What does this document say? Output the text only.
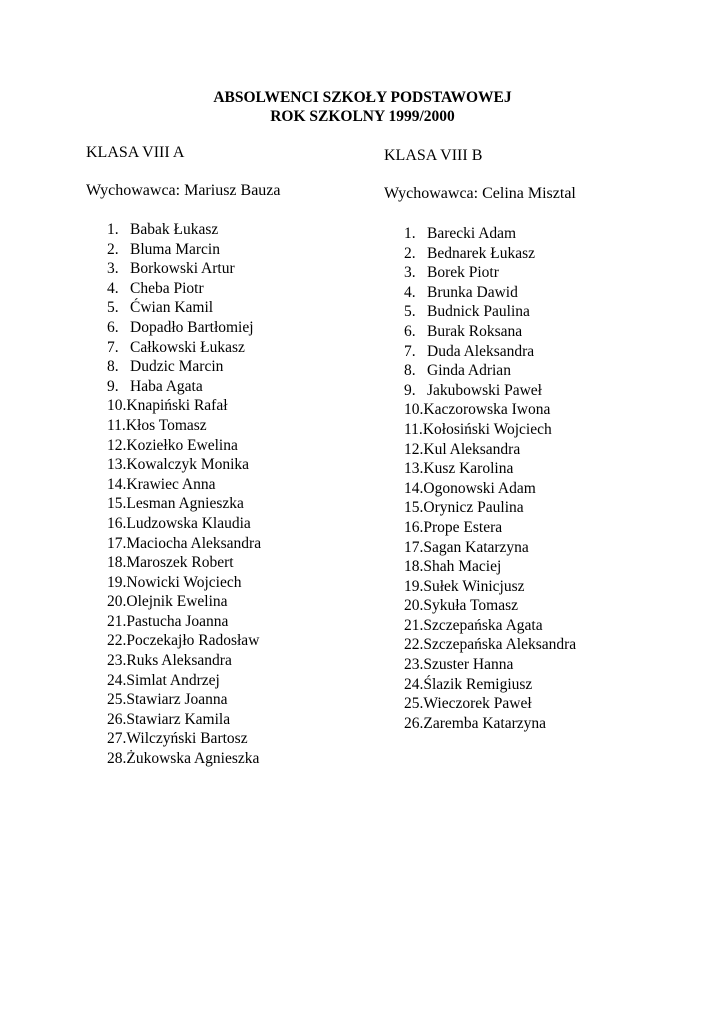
ABSOLWENCI SZKOŁY PODSTAWOWEJ
ROK SZKOLNY 1999/2000
KLASA VIII A
Wychowawca: Mariusz Bauza
1. Babak Łukasz
2. Bluma Marcin
3. Borkowski Artur
4. Cheba Piotr
5. Ćwian Kamil
6. Dopadło Bartłomiej
7. Całkowski Łukasz
8. Dudzic Marcin
9. Haba Agata
10.Knapiński Rafał
11.Kłos Tomasz
12.Koziełko Ewelina
13.Kowalczyk Monika
14.Krawiec Anna
15.Lesman Agnieszka
16.Ludzowska Klaudia
17.Maciocha Aleksandra
18.Maroszek Robert
19.Nowicki Wojciech
20.Olejnik Ewelina
21.Pastucha Joanna
22.Poczekajło Radosław
23.Ruks Aleksandra
24.Simlat Andrzej
25.Stawiarz Joanna
26.Stawiarz Kamila
27.Wilczyński Bartosz
28.Żukowska Agnieszka
KLASA VIII B
Wychowawca: Celina Misztal
1. Barecki Adam
2. Bednarek Łukasz
3. Borek Piotr
4. Brunka Dawid
5. Budnick Paulina
6. Burak Roksana
7. Duda Aleksandra
8. Ginda Adrian
9. Jakubowski Paweł
10.Kaczorowska Iwona
11.Kołosiński Wojciech
12.Kul Aleksandra
13.Kusz Karolina
14.Ogonowski Adam
15.Orynicz Paulina
16.Prope Estera
17.Sagan Katarzyna
18.Shah Maciej
19.Sułek Winicjusz
20.Sykuła Tomasz
21.Szczepańska Agata
22.Szczepańska Aleksandra
23.Szuster Hanna
24.Ślazik Remigiusz
25.Wieczorek Paweł
26.Zaremba Katarzyna
